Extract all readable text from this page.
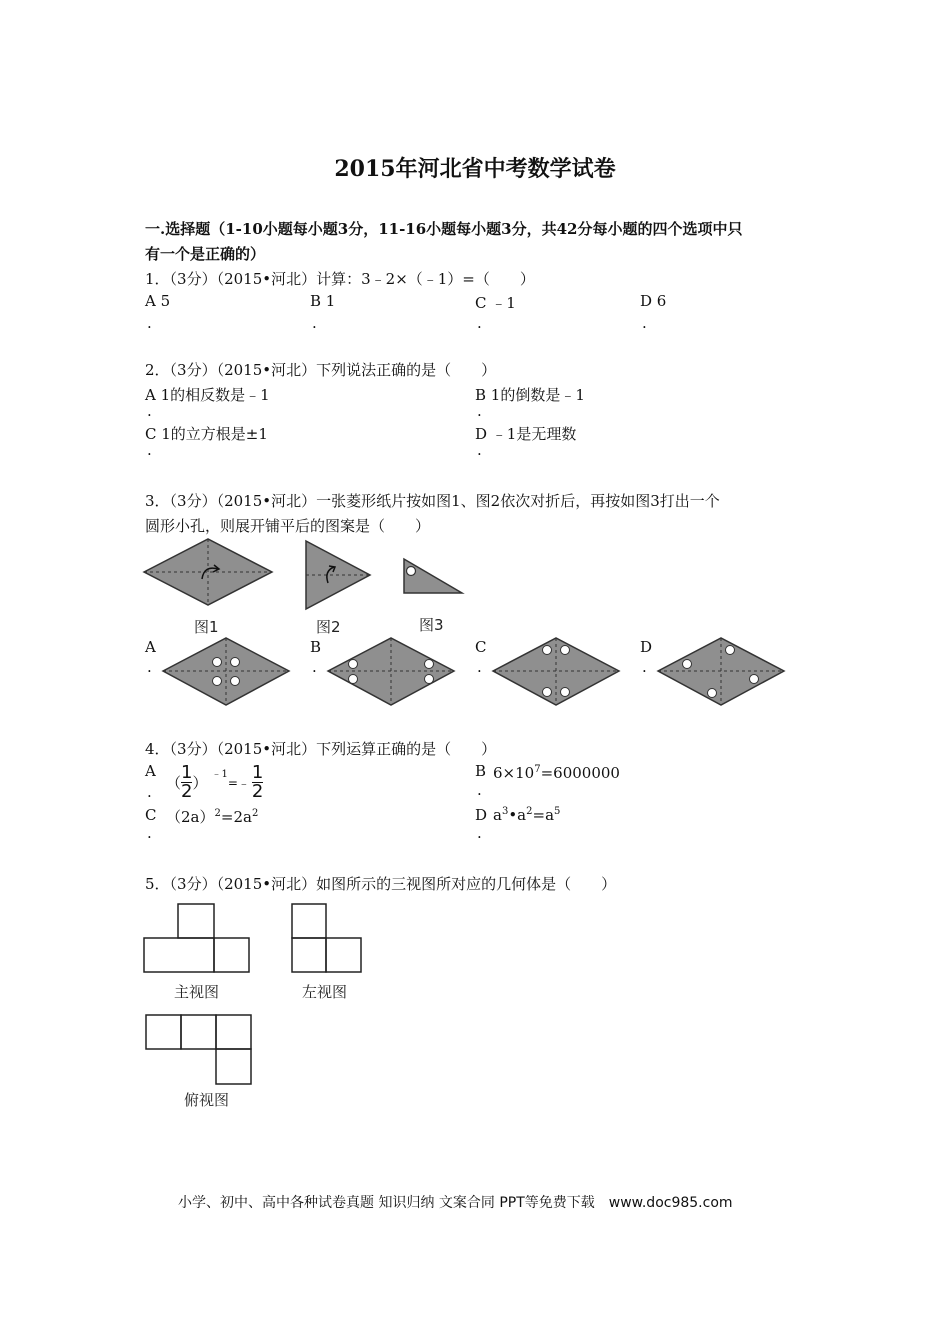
2015年河北省中考数学试卷
一.选择题（1-10小题每小题3分，11-16小题每小题3分，共42分每小题的四个选项中只
有一个是正确的）
1．（3分）（2015•河北）计算：3﹣2×（﹣1）=（　　）
A 5	B 1	C ﹣1	D 6
.	.	.	.
2．（3分）（2015•河北）下列说法正确的是（　　）
A 1的相反数是﹣1	B 1的倒数是﹣1
.	.
C 1的立方根是±1	D ﹣1是无理数
.	.
3．（3分）（2015•河北）一张菱形纸片按如图1、图2依次对折后，再按如图3打出一个
圆形小孔，则展开铺平后的图案是（　　）
图1	图2	图3
A	B	C	D
.	.	.	.
4．（3分）（2015•河北）下列运算正确的是（　　）
A
.
（ $\frac{1}{2}$ ） $^{﹣1}$
=﹣ $\frac{1}{2}$	B $6\times 10^7=6000000$
.
C $(2a)^2=2a^2$
.
D $a^3•a^2=a^5$
.
5．（3分）（2015•河北）如图所示的三视图所对应的几何体是（　　）
主视图	左视图
俯视图
小学、初中、高中各种试卷真题 知识归纳 文案合同 PPT等免费下载　www.doc985.com
